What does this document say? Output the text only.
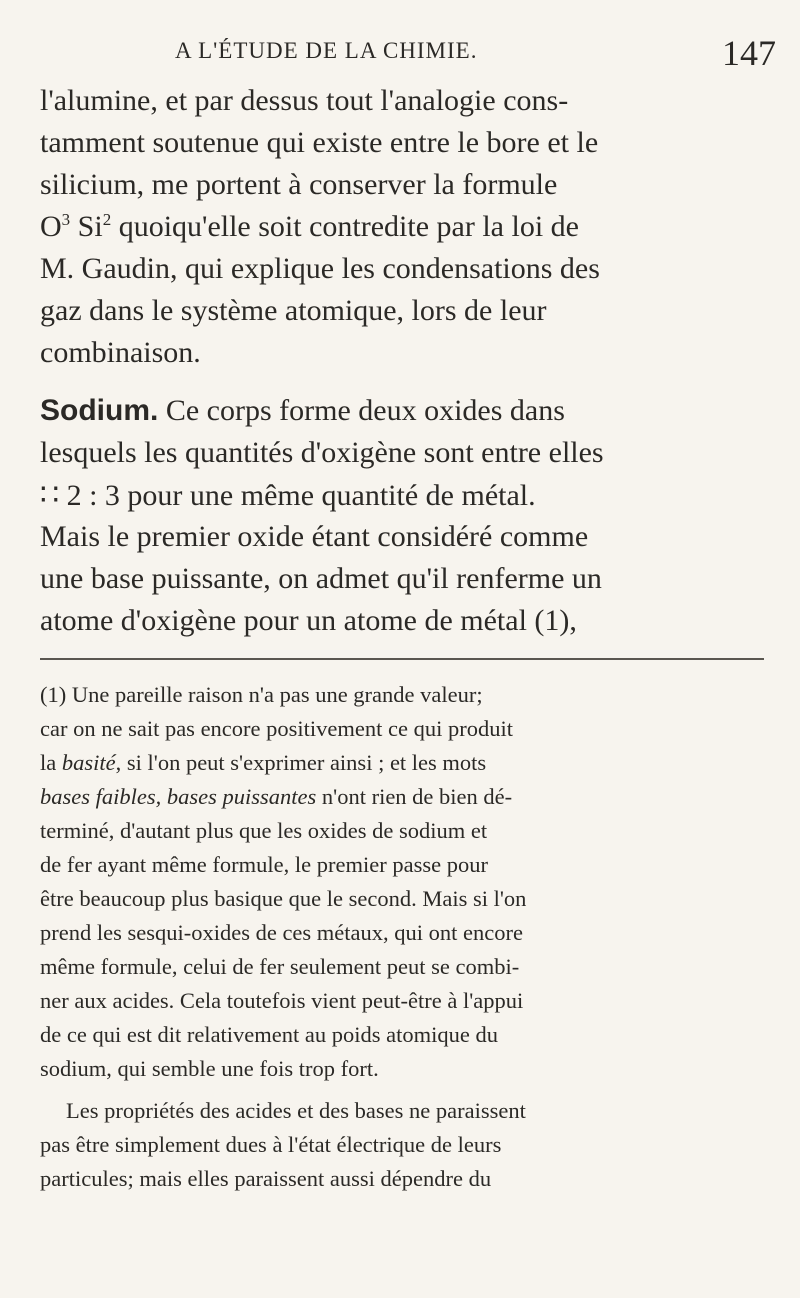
A L'ÉTUDE DE LA CHIMIE.	147
l'alumine, et par dessus tout l'analogie cons-
tamment soutenue qui existe entre le bore et le
silicium, me portent à conserver la formule
$O^3$ Si$^2$ quoiqu'elle soit contredite par la loi de
M. Gaudin, qui explique les condensations des
gaz dans le système atomique, lors de leur
combinaison.
Sodium. Ce corps forme deux oxides dans
lesquels les quantités d'oxigène sont entre elles
∷ 2 : 3 pour une même quantité de métal.
Mais le premier oxide étant considéré comme
une base puissante, on admet qu'il renferme un
atome d'oxigène pour un atome de métal (1),
(1) Une pareille raison n'a pas une grande valeur;
car on ne sait pas encore positivement ce qui produit
la basité, si l'on peut s'exprimer ainsi ; et les mots
bases faibles, bases puissantes n'ont rien de bien dé-
terminé, d'autant plus que les oxides de sodium et
de fer ayant même formule, le premier passe pour
être beaucoup plus basique que le second. Mais si l'on
prend les sesqui-oxides de ces métaux, qui ont encore
même formule, celui de fer seulement peut se combi-
ner aux acides. Cela toutefois vient peut-être à l'appui
de ce qui est dit relativement au poids atomique du
sodium, qui semble une fois trop fort.
Les propriétés des acides et des bases ne paraissent
pas être simplement dues à l'état électrique de leurs
particules; mais elles paraissent aussi dépendre du
